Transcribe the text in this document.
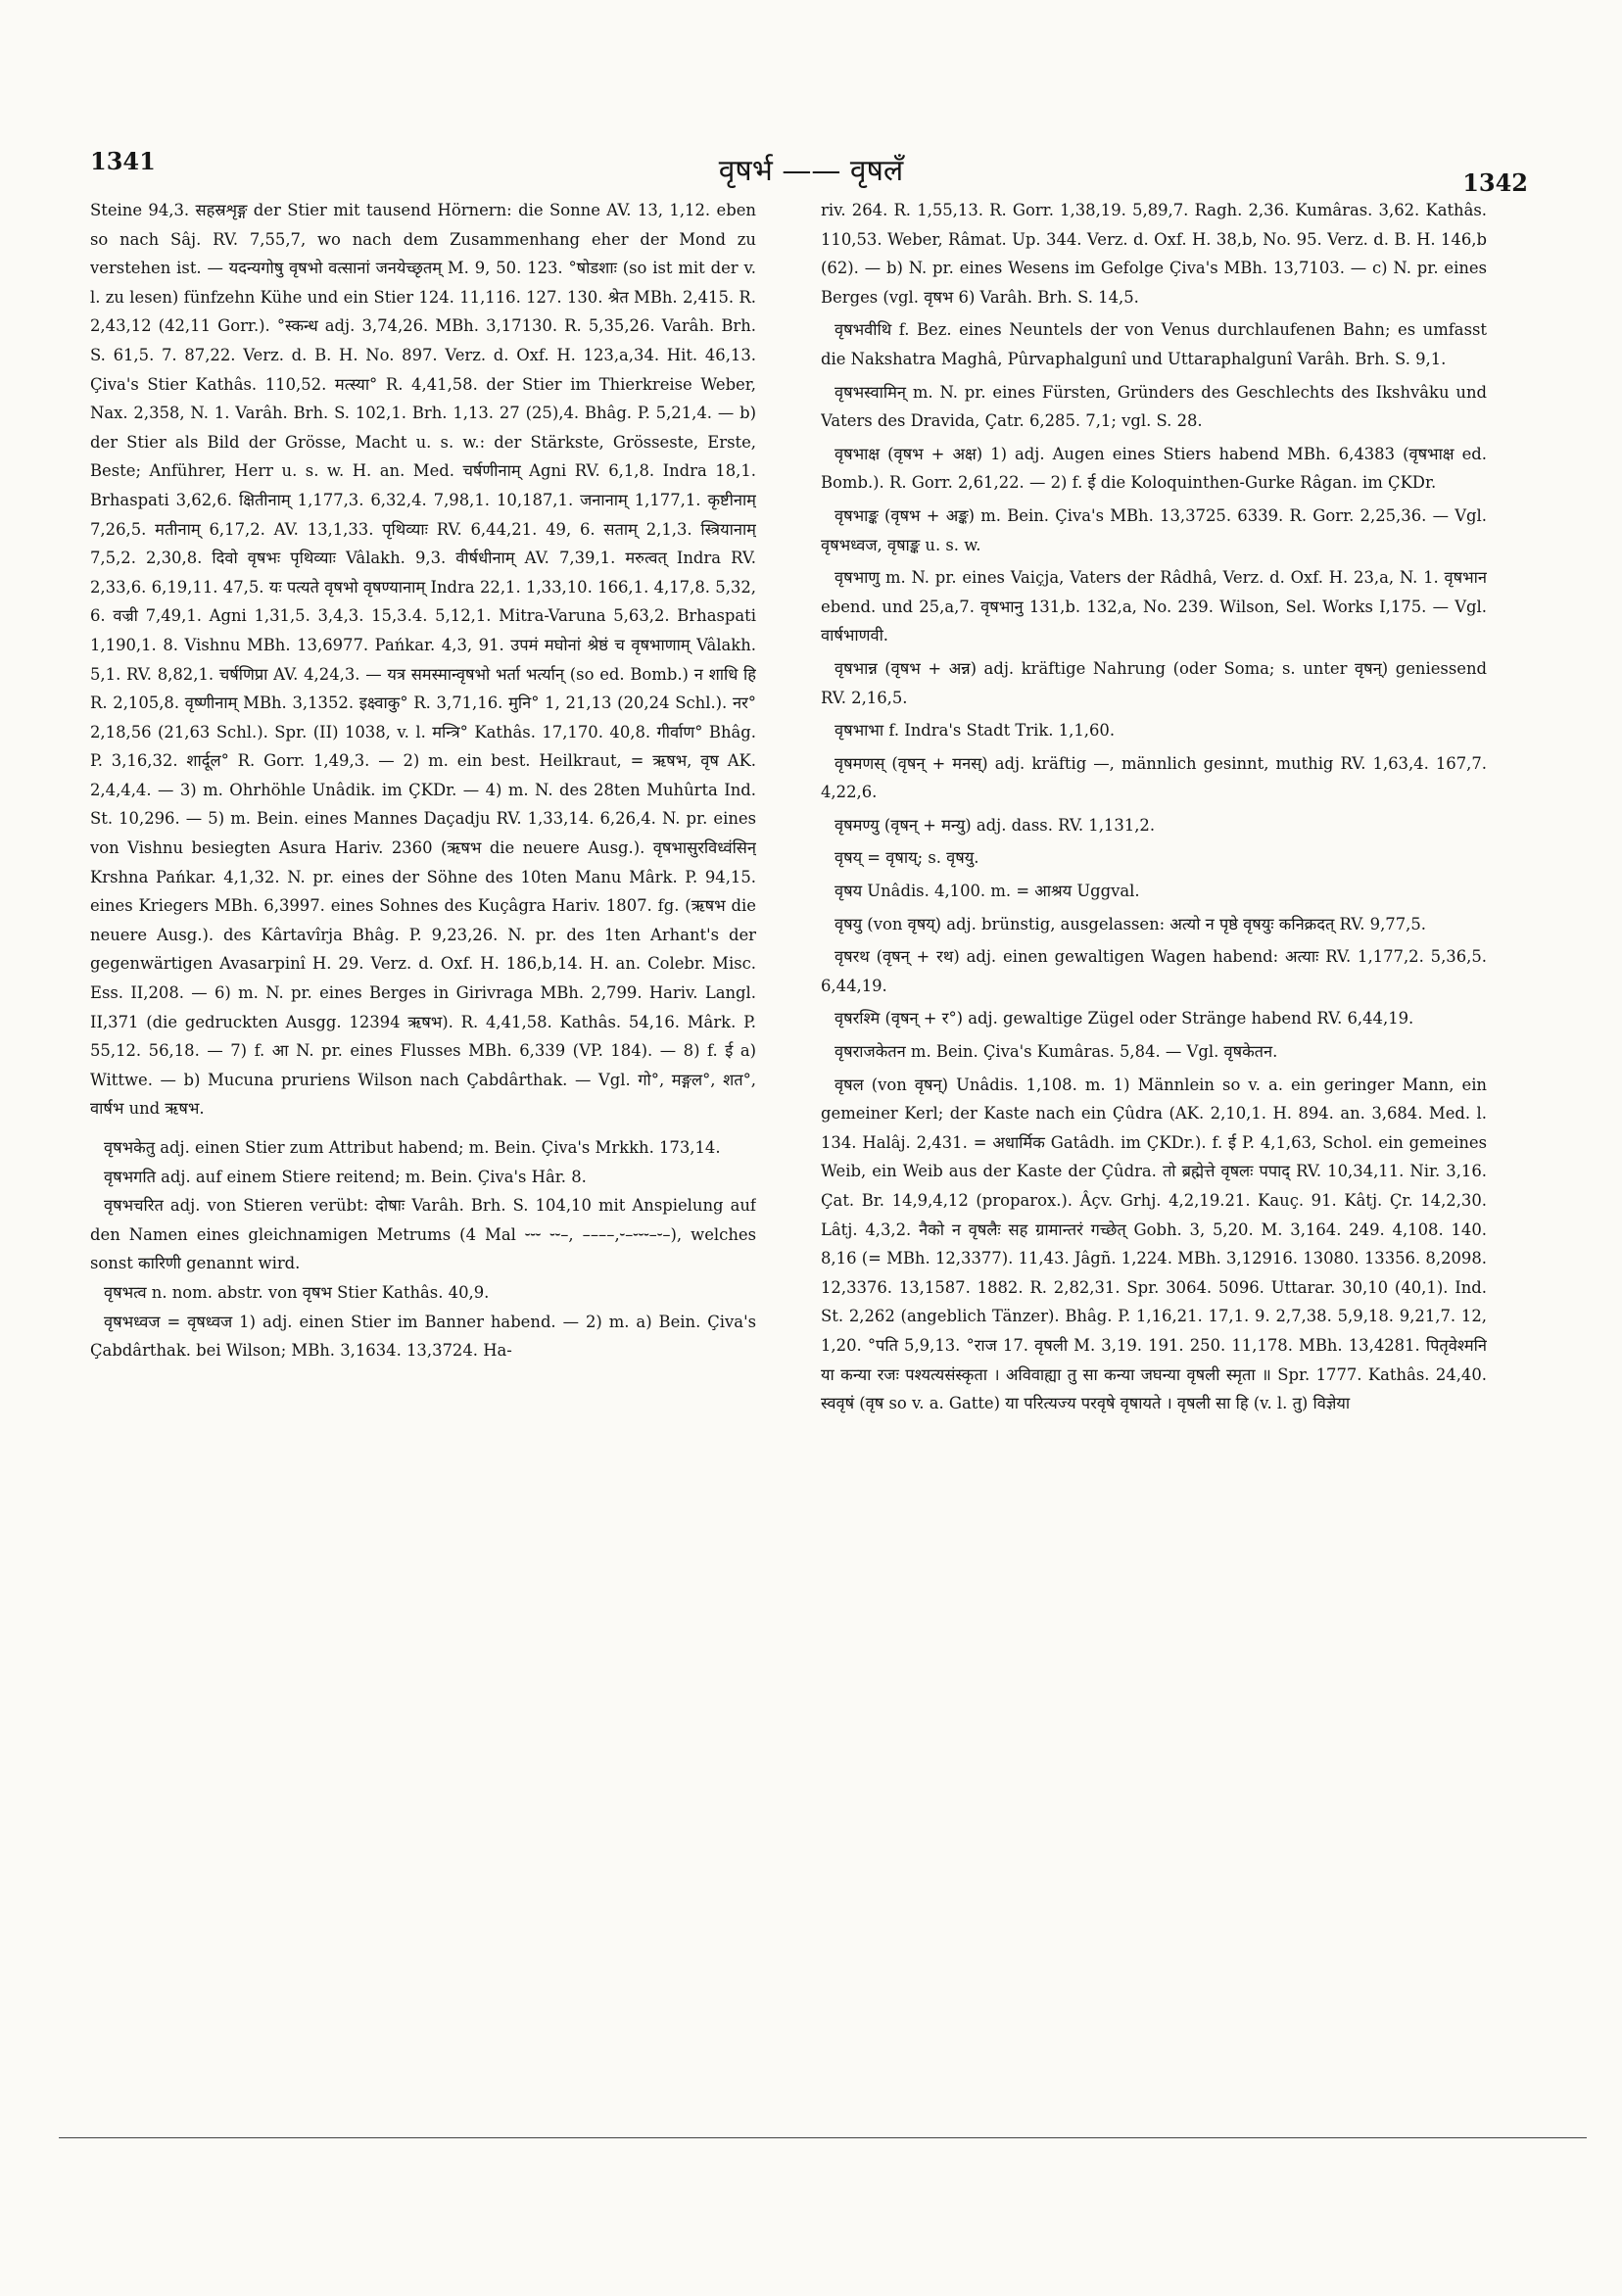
1341	वृषर्भ —— वृषलँ	1342

Steine 94,3. सहस्रशृङ्ग der Stier mit tausend Hörnern: die Sonne AV. 13, 1,12. eben so nach Sâj. RV. 7,55,7, wo nach dem Zusammenhang eher der Mond zu verstehen ist. — यदन्यगोषु वृषभो वत्सानां जनयेच्छृतम् M. 9, 50. 123. °षोडशाः (so ist mit der v. l. zu lesen) fünfzehn Kühe und ein Stier 124. 11,116. 127. 130. श्रेत MBh. 2,415. R. 2,43,12 (42,11 Gorr.). °स्कन्ध adj. 3,74,26. MBh. 3,17130. R. 5,35,26. Varâh. Brh. S. 61,5. 7. 87,22. Verz. d. B. H. No. 897. Verz. d. Oxf. H. 123,a,34. Hit. 46,13. Çiva's Stier Kathâs. 110,52. मत्स्या° R. 4,41,58. der Stier im Thierkreise Weber, Nax. 2,358, N. 1. Varâh. Brh. S. 102,1. Brh. 1,13. 27 (25),4. Bhâg. P. 5,21,4. — b) der Stier als Bild der Grösse, Macht u. s. w.: der Stärkste, Grösseste, Erste, Beste; Anführer, Herr u. s. w. H. an. Med. चर्षणीनाम् Agni RV. 6,1,8. Indra 18,1. Brhaspati 3,62,6. क्षितीनाम् 1,177,3. 6,32,4. 7,98,1. 10,187,1. जनानाम् 1,177,1. कृष्टीनाम् 7,26,5. मतीनाम् 6,17,2. AV. 13,1,33. पृथिव्याः RV. 6,44,21. 49, 6. सताम् 2,1,3. स्त्रियानाम् 7,5,2. 2,30,8. दिवो वृषभः पृथिव्याः Vâlakh. 9,3. वीर्षधीनाम् AV. 7,39,1. मरुत्वत् Indra RV. 2,33,6. 6,19,11. 47,5. यः पत्यते वृषभो वृषण्यानाम् Indra 22,1. 1,33,10. 166,1. 4,17,8. 5,32, 6. वज्री 7,49,1. Agni 1,31,5. 3,4,3. 15,3.4. 5,12,1. Mitra-Varuna 5,63,2. Brhaspati 1,190,1. 8. Vishnu MBh. 13,6977. Pańkar. 4,3, 91. उपमं मघोनां श्रेष्ठं च वृषभाणाम् Vâlakh. 5,1. RV. 8,82,1. चर्षणिप्रा AV. 4,24,3. — यत्र समस्मान्वृषभो भर्ता भर्त्यान् (so ed. Bomb.) न शाधि हि R. 2,105,8. वृष्णीनाम् MBh. 3,1352. इक्ष्वाकु° R. 3,71,16. मुनि° 1, 21,13 (20,24 Schl.). नर° 2,18,56 (21,63 Schl.). Spr. (II) 1038, v. l. मन्त्रि° Kathâs. 17,170. 40,8. गीर्वाण° Bhâg. P. 3,16,32. शार्दूल° R. Gorr. 1,49,3. — 2) m. ein best. Heilkraut, = ऋषभ, वृष AK. 2,4,4,4. — 3) m. Ohrhöhle Unâdik. im ÇKDr. — 4) m. N. des 28ten Muhûrta Ind. St. 10,296. — 5) m. Bein. eines Mannes Daçadju RV. 1,33,14. 6,26,4. N. pr. eines von Vishnu besiegten Asura Hariv. 2360 (ऋषभ die neuere Ausg.). वृषभासुरविध्वंसिन् Krshna Pańkar. 4,1,32. N. pr. eines der Söhne des 10ten Manu Mârk. P. 94,15. eines Kriegers MBh. 6,3997. eines Sohnes des Kuçâgra Hariv. 1807. fg. (ऋषभ die neuere Ausg.). des Kârtavîrja Bhâg. P. 9,23,26. N. pr. des 1ten Arhant's der gegenwärtigen Avasarpinî H. 29. Verz. d. Oxf. H. 186,b,14. H. an. Colebr. Misc. Ess. II,208. — 6) m. N. pr. eines Berges in Girivraga MBh. 2,799. Hariv. Langl. II,371 (die gedruckten Ausgg. 12394 ऋषभ). R. 4,41,58. Kathâs. 54,16. Mârk. P. 55,12. 56,18. — 7) f. आ N. pr. eines Flusses MBh. 6,339 (VP. 184). — 8) f. ई a) Wittwe. — b) Mucuna pruriens Wilson nach Çabdârthak. — Vgl. गो°, मङ्गल°, शत°, वार्षभ und ऋषभ.

वृषभकेतु adj. einen Stier zum Attribut habend; m. Bein. Çiva's Mrkkh. 173,14.

वृषभगति adj. auf einem Stiere reitend; m. Bein. Çiva's Hâr. 8.

वृषभचरित adj. von Stieren verübt: दोषाः Varâh. Brh. S. 104,10 mit Anspielung auf den Namen eines gleichnamigen Metrums (4 Mal ⏑⏑⏑ ⏑⏑–, ––––,⏑–⏑⏑⏑–⏑–), welches sonst कारिणी genannt wird.

वृषभत्व n. nom. abstr. von वृषभ Stier Kathâs. 40,9.

वृषभध्वज = वृषध्वज 1) adj. einen Stier im Banner habend. — 2) m. a) Bein. Çiva's Çabdârthak. bei Wilson; MBh. 3,1634. 13,3724. Ha-

riv. 264. R. 1,55,13. R. Gorr. 1,38,19. 5,89,7. Ragh. 2,36. Kumâras. 3,62. Kathâs. 110,53. Weber, Râmat. Up. 344. Verz. d. Oxf. H. 38,b, No. 95. Verz. d. B. H. 146,b (62). — b) N. pr. eines Wesens im Gefolge Çiva's MBh. 13,7103. — c) N. pr. eines Berges (vgl. वृषभ 6) Varâh. Brh. S. 14,5.

वृषभवीथि f. Bez. eines Neuntels der von Venus durchlaufenen Bahn; es umfasst die Nakshatra Maghâ, Pûrvaphalgunî und Uttaraphalgunî Varâh. Brh. S. 9,1.

वृषभस्वामिन् m. N. pr. eines Fürsten, Gründers des Geschlechts des Ikshvâku und Vaters des Dravida, Çatr. 6,285. 7,1; vgl. S. 28.

वृषभाक्ष (वृषभ + अक्ष) 1) adj. Augen eines Stiers habend MBh. 6,4383 (वृषभाक्ष ed. Bomb.). R. Gorr. 2,61,22. — 2) f. ई die Koloquinthen-Gurke Râgan. im ÇKDr.

वृषभाङ्क (वृषभ + अङ्क) m. Bein. Çiva's MBh. 13,3725. 6339. R. Gorr. 2,25,36. — Vgl. वृषभध्वज, वृषाङ्क u. s. w.

वृषभाणु m. N. pr. eines Vaiçja, Vaters der Râdhâ, Verz. d. Oxf. H. 23,a, N. 1. वृषभान ebend. und 25,a,7. वृषभानु 131,b. 132,a, No. 239. Wilson, Sel. Works I,175. — Vgl. वार्षभाणवी.

वृषभान्न (वृषभ + अन्न) adj. kräftige Nahrung (oder Soma; s. unter वृषन्) geniessend RV. 2,16,5.

वृषभाभा f. Indra's Stadt Trik. 1,1,60.

वृषमणस् (वृषन् + मनस्) adj. kräftig —, männlich gesinnt, muthig RV. 1,63,4. 167,7. 4,22,6.

वृषमण्यु (वृषन् + मन्यु) adj. dass. RV. 1,131,2.

वृषय् = वृषाय्; s. वृषयु.

वृषय Unâdis. 4,100. m. = आश्रय Uggval.

वृषयु (von वृषय्) adj. brünstig, ausgelassen: अत्यो न पृष्ठे वृषयुः कनिक्रदत् RV. 9,77,5.

वृषरथ (वृषन् + रथ) adj. einen gewaltigen Wagen habend: अत्याः RV. 1,177,2. 5,36,5. 6,44,19.

वृषरश्मि (वृषन् + र°) adj. gewaltige Zügel oder Stränge habend RV. 6,44,19.

वृषराजकेतन m. Bein. Çiva's Kumâras. 5,84. — Vgl. वृषकेतन.

वृषल (von वृषन्) Unâdis. 1,108. m. 1) Männlein so v. a. ein geringer Mann, ein gemeiner Kerl; der Kaste nach ein Çûdra (AK. 2,10,1. H. 894. an. 3,684. Med. l. 134. Halâj. 2,431. = अधार्मिक Gatâdh. im ÇKDr.). f. ई P. 4,1,63, Schol. ein gemeines Weib, ein Weib aus der Kaste der Çûdra. तो ब्रह्मेत्ते वृषलः पपाद् RV. 10,34,11. Nir. 3,16. Çat. Br. 14,9,4,12 (proparox.). Âçv. Grhj. 4,2,19.21. Kauç. 91. Kâtj. Çr. 14,2,30. Lâtj. 4,3,2. नैको न वृषलैः सह ग्रामान्तरं गच्छेत् Gobh. 3, 5,20. M. 3,164. 249. 4,108. 140. 8,16 (= MBh. 12,3377). 11,43. Jâgñ. 1,224. MBh. 3,12916. 13080. 13356. 8,2098. 12,3376. 13,1587. 1882. R. 2,82,31. Spr. 3064. 5096. Uttarar. 30,10 (40,1). Ind. St. 2,262 (angeblich Tänzer). Bhâg. P. 1,16,21. 17,1. 9. 2,7,38. 5,9,18. 9,21,7. 12, 1,20. °पति 5,9,13. °राज 17. वृषली M. 3,19. 191. 250. 11,178. MBh. 13,4281. पितृवेश्मनि या कन्या रजः पश्यत्यसंस्कृता । अविवाह्या तु सा कन्या जघन्या वृषली स्मृता ॥ Spr. 1777. Kathâs. 24,40. स्ववृषं (वृष so v. a. Gatte) या परित्यज्य परवृषे वृषायते । वृषली सा हि (v. l. तु) विज्ञेया
